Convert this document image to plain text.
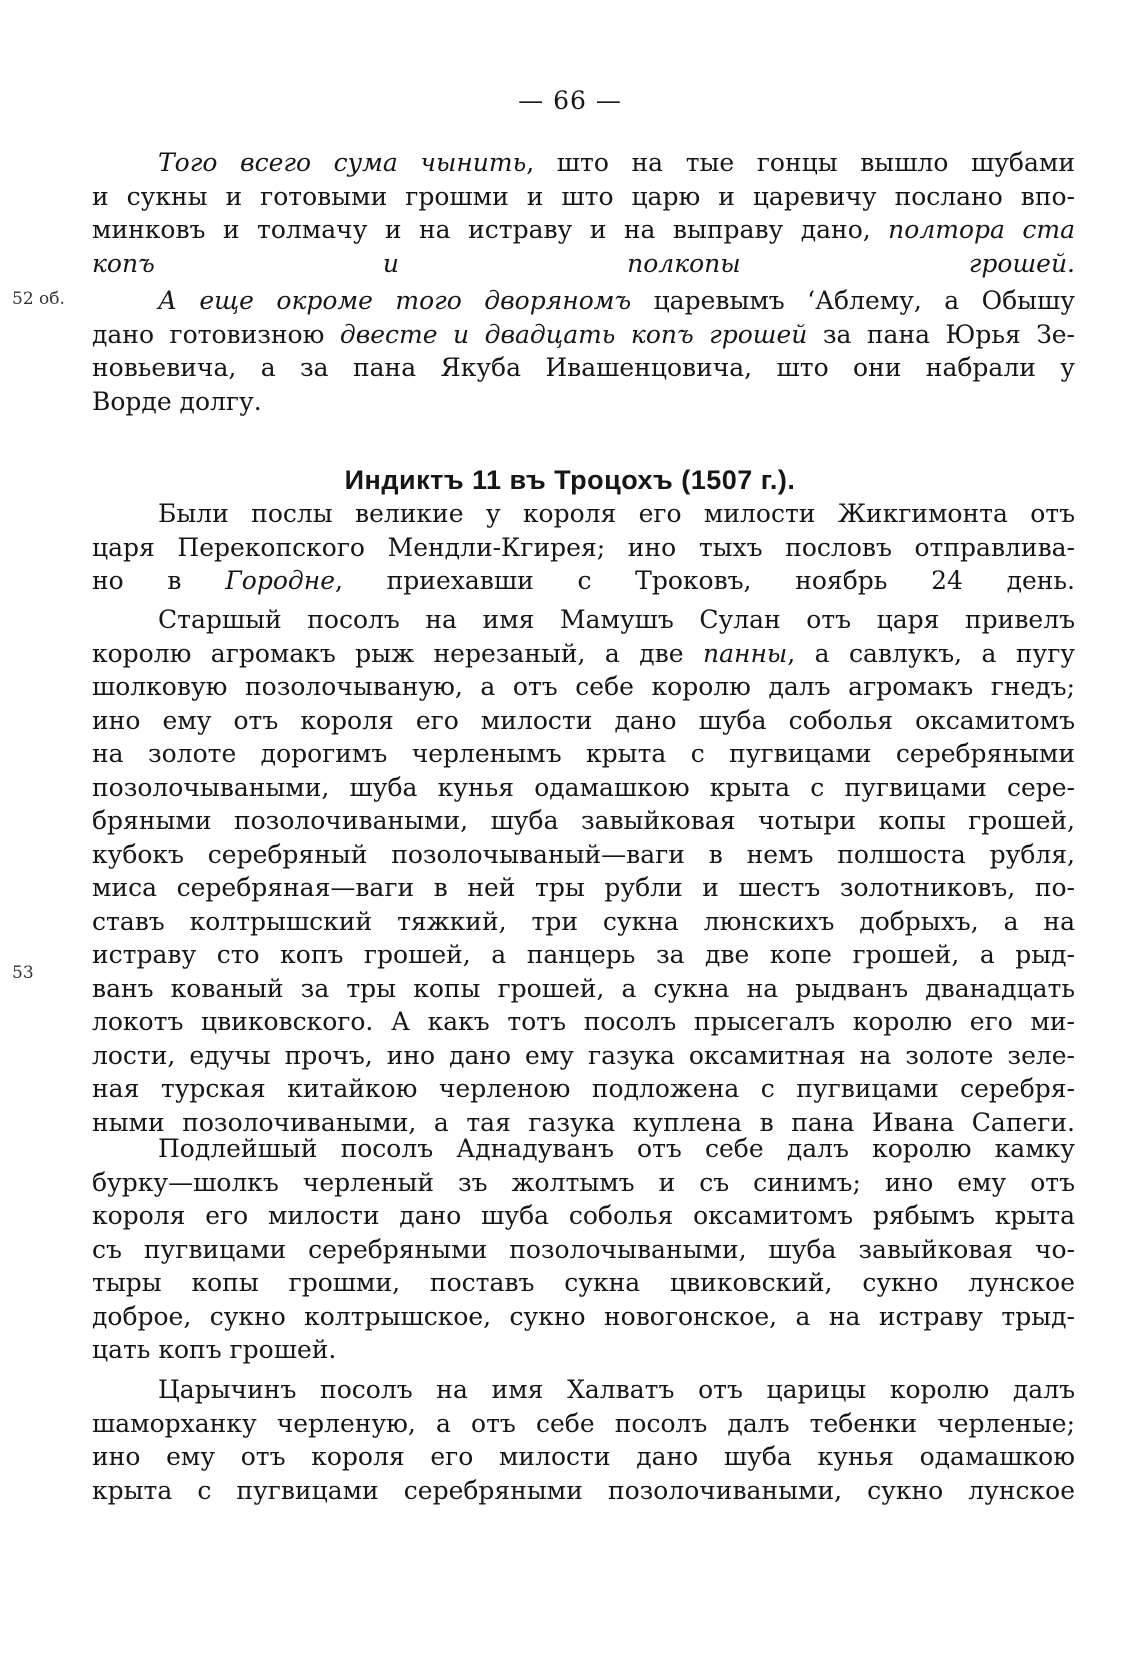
— 66 —
52 об.
53
Того всего сума чынить, што на тые гонцы вышло шубами
и сукны и готовыми грошми и што царю и царевичу послано впо-
минковъ и толмачу и на истраву и на выправу дано, полтора ста
копъ и полкопы грошей.
А еще окроме того дворяномъ царевымъ ʻАблему, а Обышу
дано готовизною двесте и двадцать копъ грошей за пана Юрья Зе-
новьевича, а за пана Якуба Ивашенцовича, што они набрали у
Ворде долгу.
Индиктъ 11 въ Троцохъ (1507 г.).
Были послы великие у короля его милости Жикгимонта отъ
царя Перекопского Мендли-Кгирея; ино тыхъ пословъ отправлива-
но в Городне, приехавши с Троковъ, ноябрь 24 день.
Старшый посолъ на имя Мамушъ Сулан отъ царя привелъ
королю агромакъ рыж нерезаный, а две панны, а савлукъ, а пугу
шолковую позолочываную, а отъ себе королю далъ агромакъ гнедъ;
ино ему отъ короля его милости дано шуба соболья оксамитомъ
на золоте дорогимъ черленымъ крыта с пугвицами серебряными
позолочываными, шуба кунья одамашкою крыта с пугвицами сере-
бряными позолочиваными, шуба завыйковая чотыри копы грошей,
кубокъ серебряный позолочываный—ваги в немъ полшоста рубля,
миса серебряная—ваги в ней тры рубли и шестъ золотниковъ, по-
ставъ колтрышский тяжкий, три сукна люнскихъ добрыхъ, а на
истраву сто копъ грошей, а панцерь за две копе грошей, а рыд-
ванъ кованый за тры копы грошей, а сукна на рыдванъ дванадцать
локотъ цвиковского. А какъ тотъ посолъ прысегалъ королю его ми-
лости, едучы прочъ, ино дано ему газука оксамитная на золоте зеле-
ная турская китайкою черленою подложена с пугвицами серебря-
ными позолочиваными, а тая газука куплена в пана Ивана Сапеги.
Подлейшый посолъ Аднадуванъ отъ себе далъ королю камку
бурку—шолкъ черленый зъ жолтымъ и съ синимъ; ино ему отъ
короля его милости дано шуба соболья оксамитомъ рябымъ крыта
съ пугвицами серебряными позолочываными, шуба завыйковая чо-
тыры копы грошми, поставъ сукна цвиковский, сукно лунское
доброе, сукно колтрышское, сукно новогонское, а на истраву трыд-
цать копъ грошей.
Царычинъ посолъ на имя Халватъ отъ царицы королю далъ
шаморханку черленую, а отъ себе посолъ далъ тебенки черленые;
ино ему отъ короля его милости дано шуба кунья одамашкою
крыта с пугвицами серебряными позолочиваными, сукно лунское
